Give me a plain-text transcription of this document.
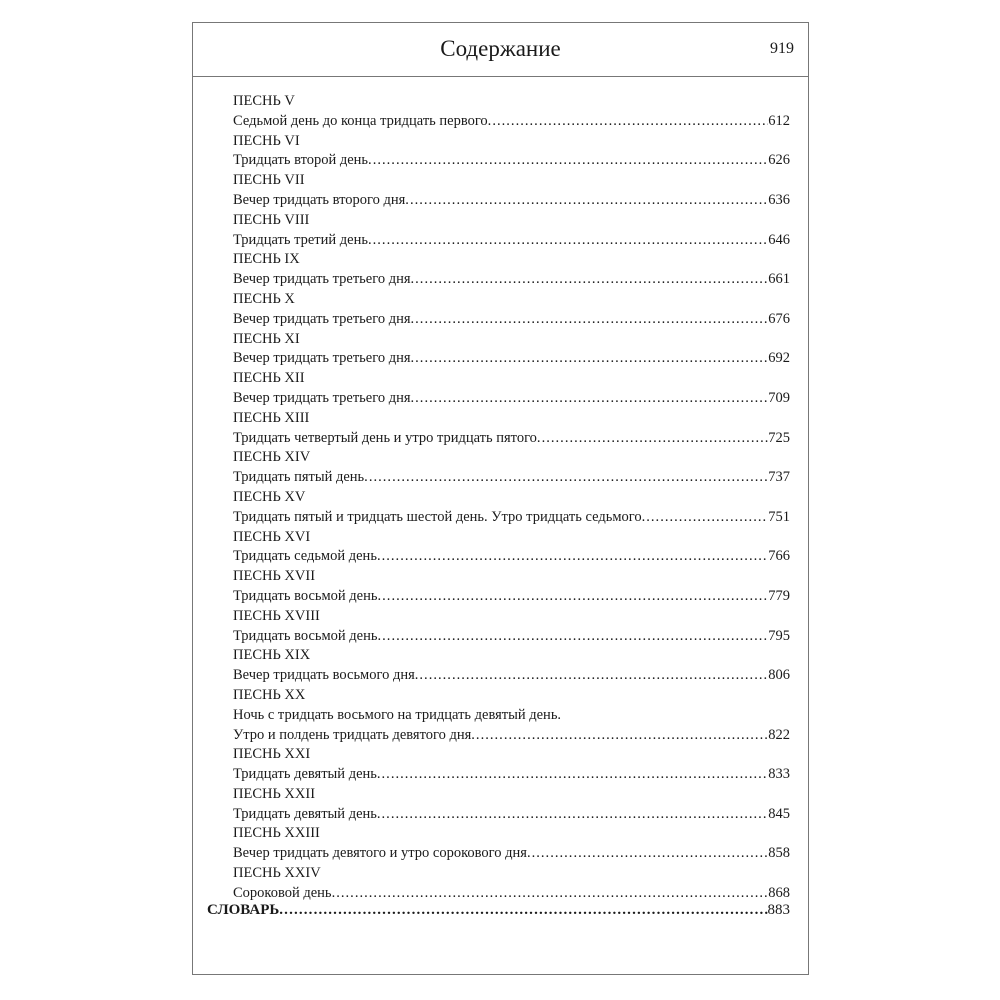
Содержание	919
ПЕСНЬ V
Седьмой день до конца тридцать первого . . .	612
ПЕСНЬ VI
Тридцать второй день . . .	626
ПЕСНЬ VII
Вечер тридцать второго дня . . .	636
ПЕСНЬ VIII
Тридцать третий день . . .	646
ПЕСНЬ IX
Вечер тридцать третьего дня . . .	661
ПЕСНЬ X
Вечер тридцать третьего дня . . .	676
ПЕСНЬ XI
Вечер тридцать третьего дня . . .	692
ПЕСНЬ XII
Вечер тридцать третьего дня . . .	709
ПЕСНЬ XIII
Тридцать четвертый день и утро тридцать пятого . . .	725
ПЕСНЬ XIV
Тридцать пятый день . . .	737
ПЕСНЬ XV
Тридцать пятый и тридцать шестой день. Утро тридцать седьмого . . .	751
ПЕСНЬ XVI
Тридцать седьмой день . . .	766
ПЕСНЬ XVII
Тридцать восьмой день . . .	779
ПЕСНЬ XVIII
Тридцать восьмой день . . .	795
ПЕСНЬ XIX
Вечер тридцать восьмого дня . . .	806
ПЕСНЬ XX
Ночь с тридцать восьмого на тридцать девятый день.
Утро и полдень тридцать девятого дня . . .	822
ПЕСНЬ XXI
Тридцать девятый день . . .	833
ПЕСНЬ XXII
Тридцать девятый день . . .	845
ПЕСНЬ XXIII
Вечер тридцать девятого и утро сорокового дня . . .	858
ПЕСНЬ XXIV
Сороковой день . . .	868
СЛОВАРЬ . . .	883
